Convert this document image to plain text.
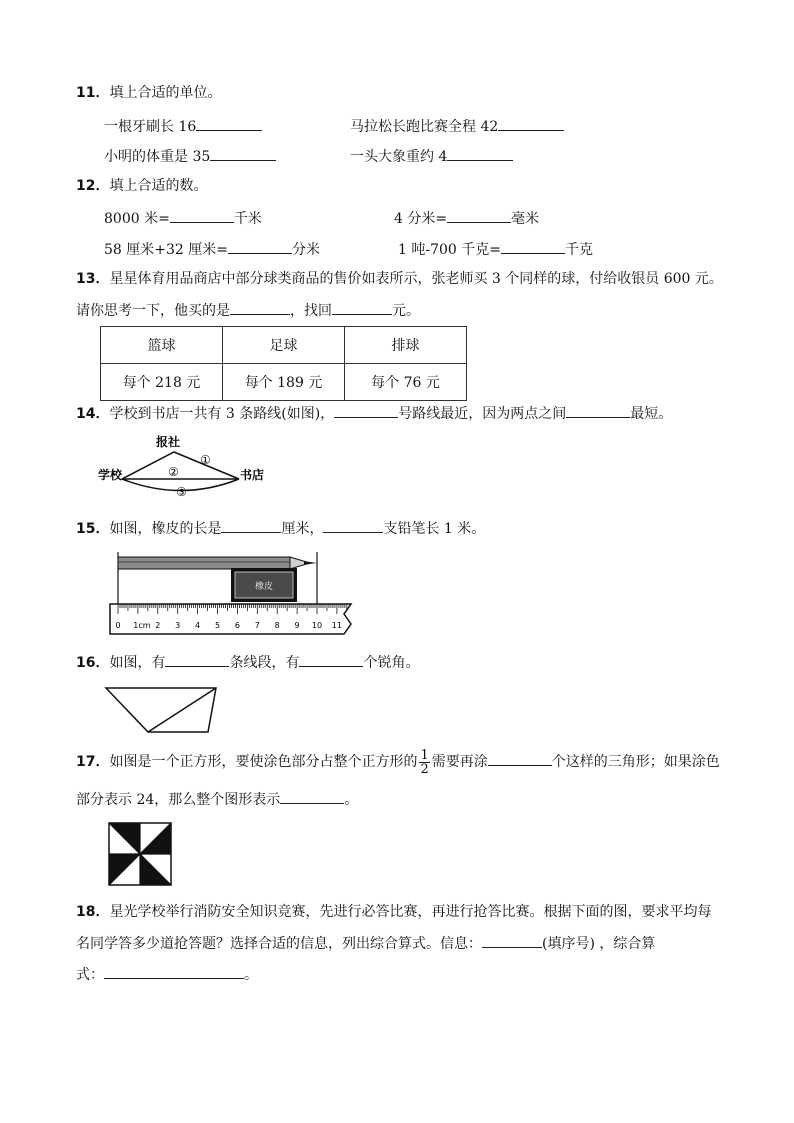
11．填上合适的单位。
一根牙刷长 16	马拉松长跑比赛全程 42
小明的体重是 35	一头大象重约 4
12．填上合适的数。
8000 米=	千米	4 分米=	毫米
58 厘米+32 厘米=	分米	1 吨-700 千克=	千克
13．星星体育用品商店中部分球类商品的售价如表所示，张老师买 3 个同样的球，付给收银员 600 元。
请你思考一下，他买的是	，找回	元。
篮球	足球	排球
每个 218 元	每个 189 元	每个 76 元
14．学校到书店一共有 3 条路线(如图)，	号路线最近，因为两点之间	最短。
报社
学校	书店
①
②
③
15．如图，橡皮的长是	厘米，	支铅笔长 1 米。
橡皮
0 1cm 2 3 4 5 6 7 8 9 10 11
16．如图，有	条线段，有	个锐角。
17．如图是一个正方形，要使涂色部分占整个正方形的 $\frac{1}{2}$ 需要再涂	个这样的三角形；如果涂色
部分表示 24，那么整个图形表示	。
18．星光学校举行消防安全知识竞赛，先进行必答比赛，再进行抢答比赛。根据下面的图，要求平均每
名同学答多少道抢答题？选择合适的信息，列出综合算式。信息：	(填序号) ，综合算
式：	。
